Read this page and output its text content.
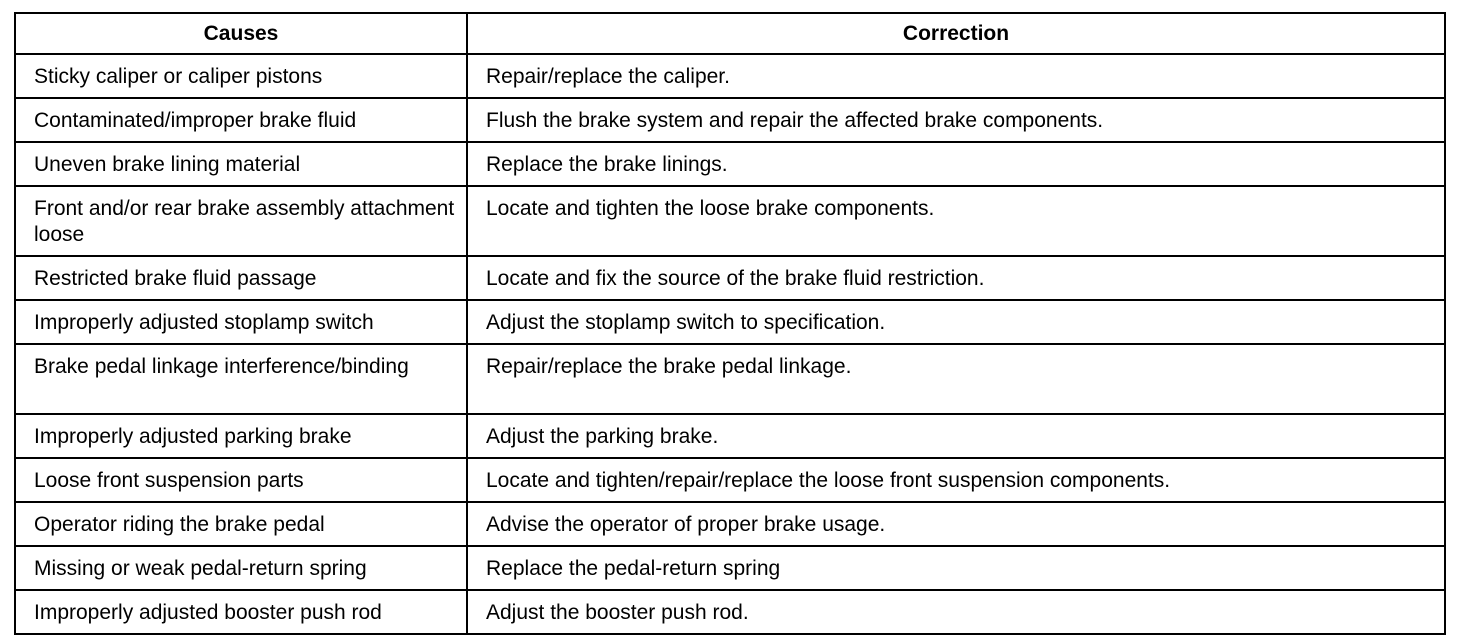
Causes	Correction
Sticky caliper or caliper pistons	Repair/replace the caliper.
Contaminated/improper brake fluid	Flush the brake system and repair the affected brake components.
Uneven brake lining material	Replace the brake linings.
Front and/or rear brake assembly attachment loose	Locate and tighten the loose brake components.
Restricted brake fluid passage	Locate and fix the source of the brake fluid restriction.
Improperly adjusted stoplamp switch	Adjust the stoplamp switch to specification.
Brake pedal linkage interference/binding	Repair/replace the brake pedal linkage.
Improperly adjusted parking brake	Adjust the parking brake.
Loose front suspension parts	Locate and tighten/repair/replace the loose front suspension components.
Operator riding the brake pedal	Advise the operator of proper brake usage.
Missing or weak pedal-return spring	Replace the pedal-return spring
Improperly adjusted booster push rod	Adjust the booster push rod.
